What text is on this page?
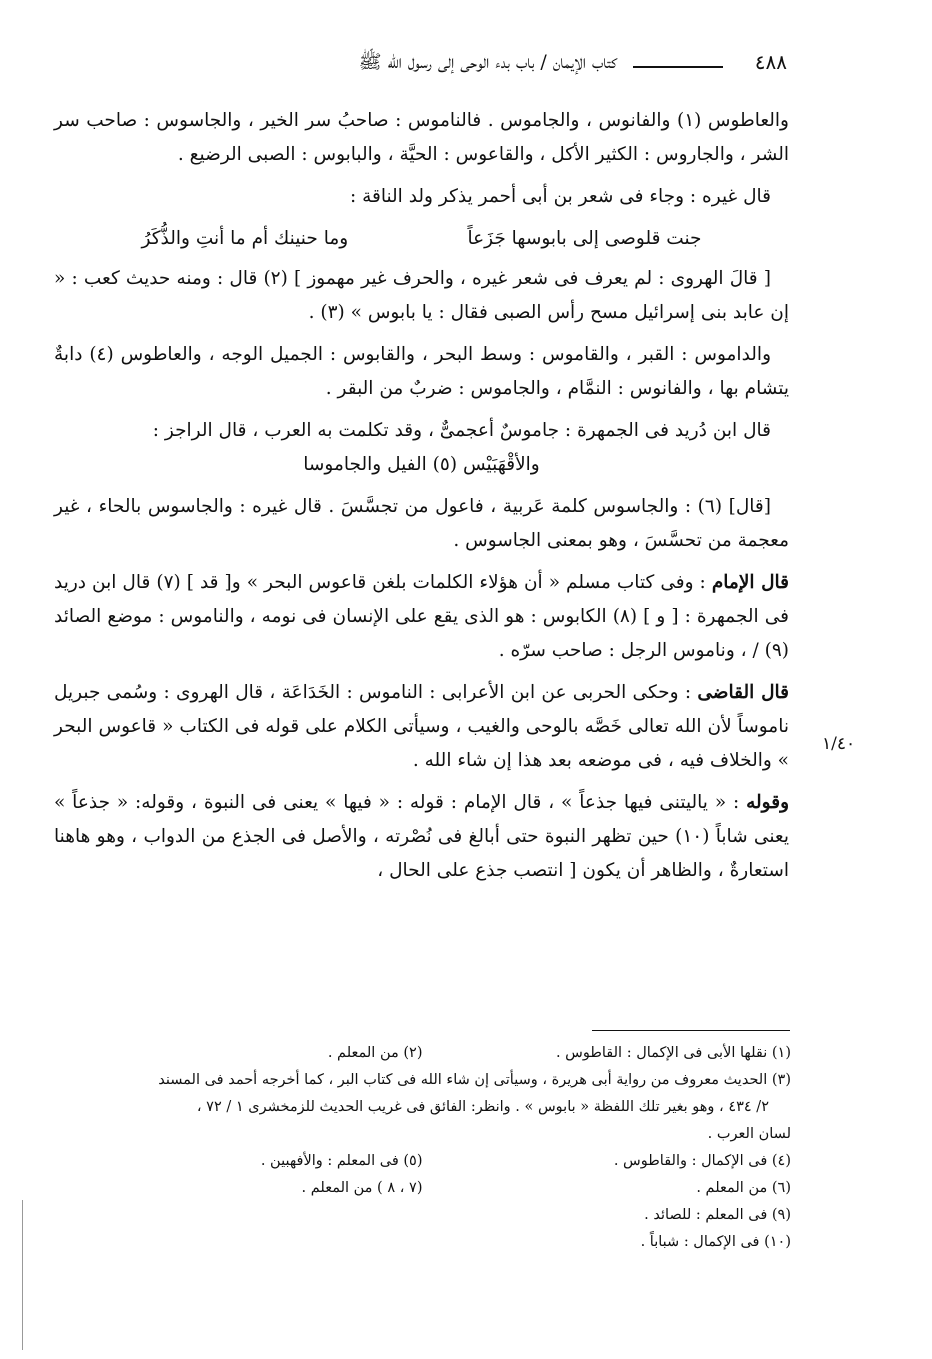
٤٨٨
كتاب الإيمان / باب بدء الوحى إلى رسول الله ﷺ

والعاطوس (١) والفانوس ، والجاموس . فالناموس : صاحبُ سر الخير ، والجاسوس : صاحب سر الشر ، والجاروس : الكثير الأكل ، والقاعوس : الحيَّة ، والبابوس : الصبى الرضيع .

قال غيره : وجاء فى شعر بن أبى أحمر يذكر ولد الناقة :

جنت قلوصى إلى بابوسها جَزَعاً
وما حنينك أم ما أنتِ والذُّكَرُ

[ قالَ الهروى : لم يعرف فى شعر غيره ، والحرف غير مهموز ] (٢) قال : ومنه حديث كعب : « إن عابد بنى إسرائيل مسح رأس الصبى فقال : يا بابوس » (٣) .

والداموس : القبر ، والقاموس : وسط البحر ، والقابوس : الجميل الوجه ، والعاطوس (٤) دابةٌ يتشام بها ، والفانوس : النمَّام ، والجاموس : ضربٌ من البقر .

قال ابن دُريد فى الجمهرة : جاموسٌ أعجمىٌّ ، وقد تكلمت به العرب ، قال الراجز :

والأقْهَبَيْس (٥) الفيل والجاموسا

[قال] (٦) : والجاسوس كلمة عَربية ، فاعول من تجسَّسَ . قال غيره : والجاسوس بالحاء ، غير معجمة من تحسَّسَ ، وهو بمعنى الجاسوس .

قال الإمام : وفى كتاب مسلم « أن هؤلاء الكلمات بلغن قاعوس البحر » و[ قد ] (٧) قال ابن دريد فى الجمهرة : [ و ] (٨) الكابوس : هو الذى يقع على الإنسان فى نومه ، والناموس : موضع الصائد (٩) / ، وناموس الرجل : صاحب سرّه .

قال القاضى : وحكى الحربى عن ابن الأعرابى : الناموس : الخَدَاعَة ، قال الهروى : وسُمى جبريل ناموساً لأن الله تعالى خَصَّه بالوحى والغيب ، وسيأتى الكلام على قوله فى الكتاب « قاعوس البحر » والخلاف فيه ، فى موضعه بعد هذا إن شاء الله .

وقوله : « ياليتنى فيها جذعاً » ، قال الإمام : قوله : « فيها » يعنى فى النبوة ، وقوله: « جذعاً » يعنى شاباً (١٠) حين تظهر النبوة حتى أبالغ فى نُصْرته ، والأصل فى الجذع من الدواب ، وهو هاهنا استعارةٌ ، والظاهر أن يكون [ انتصب جذع على الحال ،

١/٤٠
(١) نقلها الأبى فى الإكمال : القاطوس .
(٢) من المعلم .
(٣) الحديث معروف من رواية أبى هريرة ، وسيأتى إن شاء الله فى كتاب البر ، كما أخرجه أحمد فى المسند
٢/ ٤٣٤ ، وهو بغير تلك اللفظة « بابوس » . وانظر: الفائق فى غريب الحديث للزمخشرى ١ / ٧٢ ،
لسان العرب .
(٤) فى الإكمال : والقاطوس .
(٥) فى المعلم : والأفهبين .
(٦) من المعلم .
(٧ ، ٨ ) من المعلم .
(٩) فى المعلم : للصائد .
(١٠) فى الإكمال : شباباً .
